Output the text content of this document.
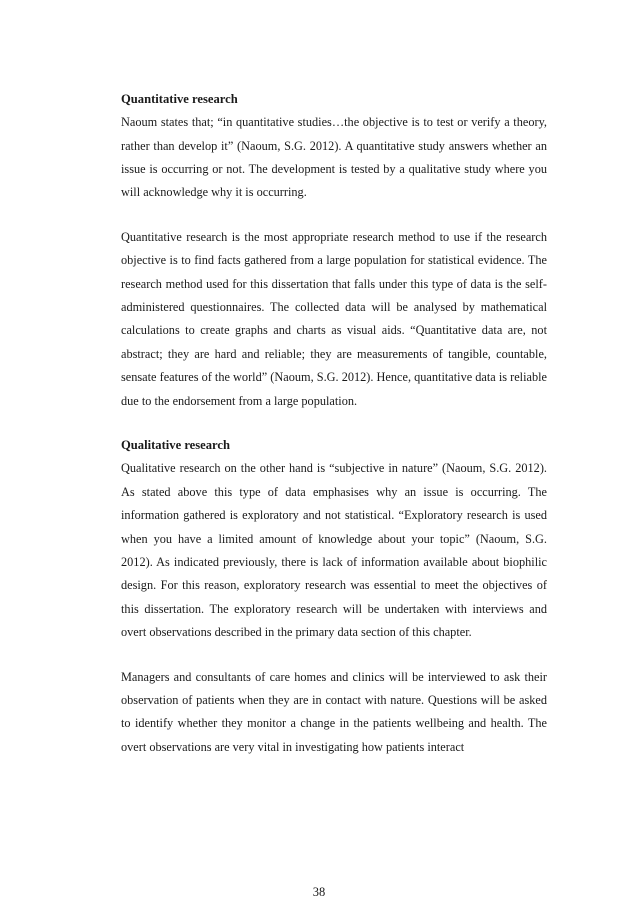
Quantitative research

Naoum states that; “in quantitative studies…the objective is to test or verify a theory, rather than develop it” (Naoum, S.G. 2012). A quantitative study answers whether an issue is occurring or not. The development is tested by a qualitative study where you will acknowledge why it is occurring.

Quantitative research is the most appropriate research method to use if the research objective is to find facts gathered from a large population for statistical evidence. The research method used for this dissertation that falls under this type of data is the self-administered questionnaires. The collected data will be analysed by mathematical calculations to create graphs and charts as visual aids. “Quantitative data are, not abstract; they are hard and reliable; they are measurements of tangible, countable, sensate features of the world” (Naoum, S.G. 2012). Hence, quantitative data is reliable due to the endorsement from a large population.

Qualitative research

Qualitative research on the other hand is “subjective in nature” (Naoum, S.G. 2012). As stated above this type of data emphasises why an issue is occurring. The information gathered is exploratory and not statistical. “Exploratory research is used when you have a limited amount of knowledge about your topic” (Naoum, S.G. 2012). As indicated previously, there is lack of information available about biophilic design. For this reason, exploratory research was essential to meet the objectives of this dissertation. The exploratory research will be undertaken with interviews and overt observations described in the primary data section of this chapter.

Managers and consultants of care homes and clinics will be interviewed to ask their observation of patients when they are in contact with nature. Questions will be asked to identify whether they monitor a change in the patients wellbeing and health. The overt observations are very vital in investigating how patients interact

38
